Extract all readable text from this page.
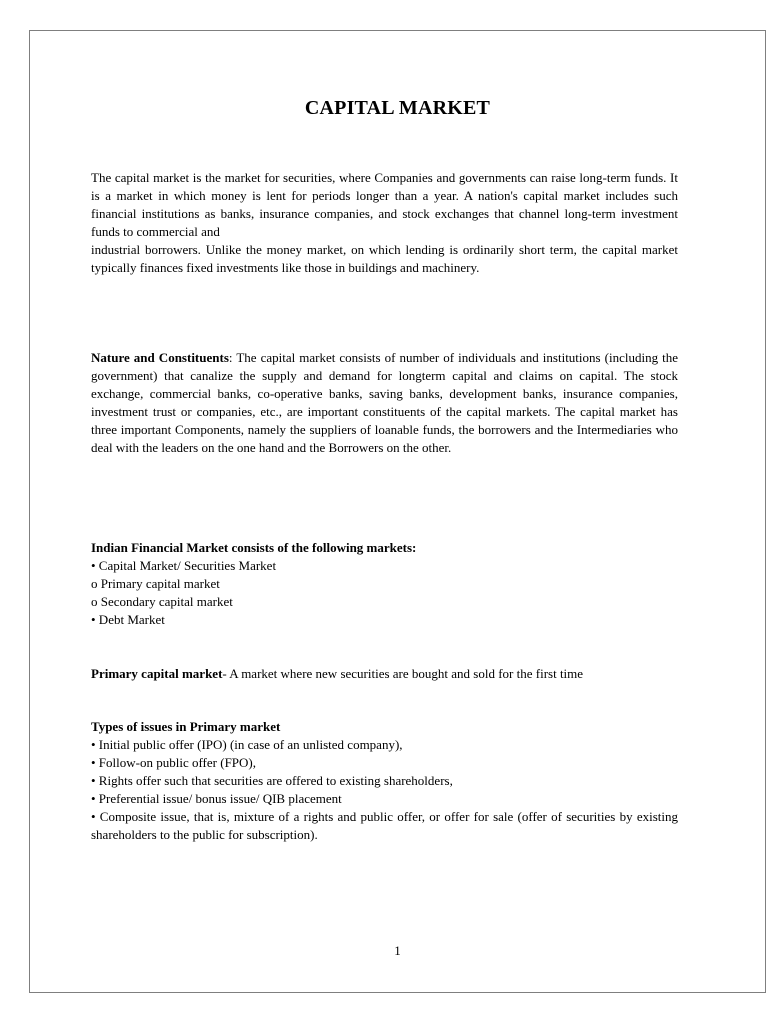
CAPITAL MARKET

The capital market is the market for securities, where Companies and governments can raise long-term funds. It is a market in which money is lent for periods longer than a year. A nation's capital market includes such financial institutions as banks, insurance companies, and stock exchanges that channel long-term investment funds to commercial and

industrial borrowers. Unlike the money market, on which lending is ordinarily short term, the capital market typically finances fixed investments like those in buildings and machinery.

Nature and Constituents: The capital market consists of number of individuals and institutions (including the government) that canalize the supply and demand for longterm capital and claims on capital. The stock exchange, commercial banks, co-operative banks, saving banks, development banks, insurance companies, investment trust or companies, etc., are important constituents of the capital markets. The capital market has three important Components, namely the suppliers of loanable funds, the borrowers and the Intermediaries who deal with the leaders on the one hand and the Borrowers on the other.
Indian Financial Market consists of the following markets:
• Capital Market/ Securities Market
o Primary capital market
o Secondary capital market
• Debt Market
Primary capital market- A market where new securities are bought and sold for the first time
Types of issues in Primary market
• Initial public offer (IPO) (in case of an unlisted company),
• Follow-on public offer (FPO),
• Rights offer such that securities are offered to existing shareholders,
• Preferential issue/ bonus issue/ QIB placement
• Composite issue, that is, mixture of a rights and public offer, or offer for sale (offer of securities by existing shareholders to the public for subscription).
1
